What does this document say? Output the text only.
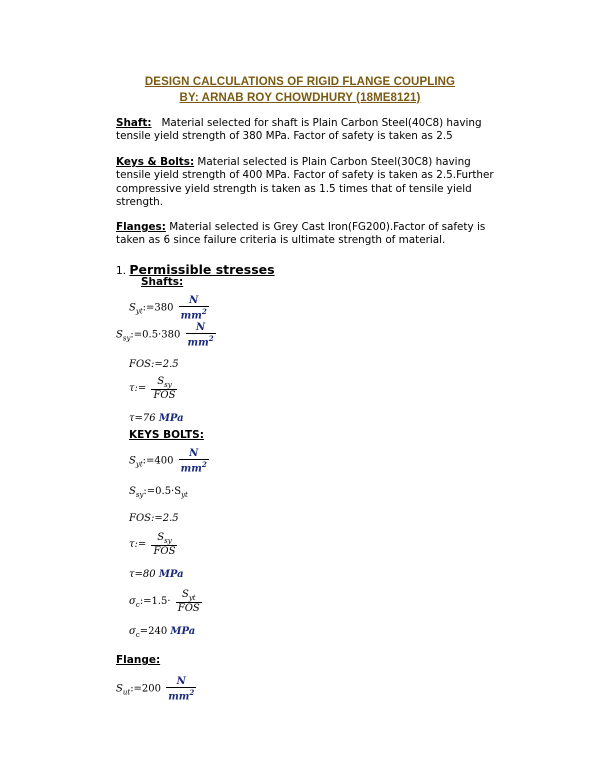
DESIGN CALCULATIONS OF RIGID FLANGE COUPLING
BY: ARNAB ROY CHOWDHURY (18ME8121)
Shaft: Material selected for shaft is Plain Carbon Steel(40C8) having tensile yield strength of 380 MPa. Factor of safety is taken as 2.5
Keys & Bolts: Material selected is Plain Carbon Steel(30C8) having tensile yield strength of 400 MPa. Factor of safety is taken as 2.5.Further compressive yield strength is taken as 1.5 times that of tensile yield strength.
Flanges: Material selected is Grey Cast Iron(FG200).Factor of safety is taken as 6 since failure criteria is ultimate strength of material.
1. Permissible stresses
Shafts:
$S_{yt}:=380 \frac{N}{mm^2}$
$S_{sy}:=0.5\cdot 380 \frac{N}{mm^2}$
FOS:=2.5
τ:= $\frac{S_{sy}}{\text{FOS}}$
τ=76 MPa
KEYS BOLTS:
$S_{yt}:=400 \frac{N}{mm^2}$
$S_{sy}:=0.5\cdot S_{yt}$
FOS:=2.5
τ:= $\frac{S_{sy}}{\text{FOS}}$
τ=80 MPa
$\sigma_c:=1.5\cdot \frac{S_{yt}}{\text{FOS}}$
$\sigma_c=240$ MPa
Flange:
$S_{ut}:=200 \frac{N}{mm^2}$
